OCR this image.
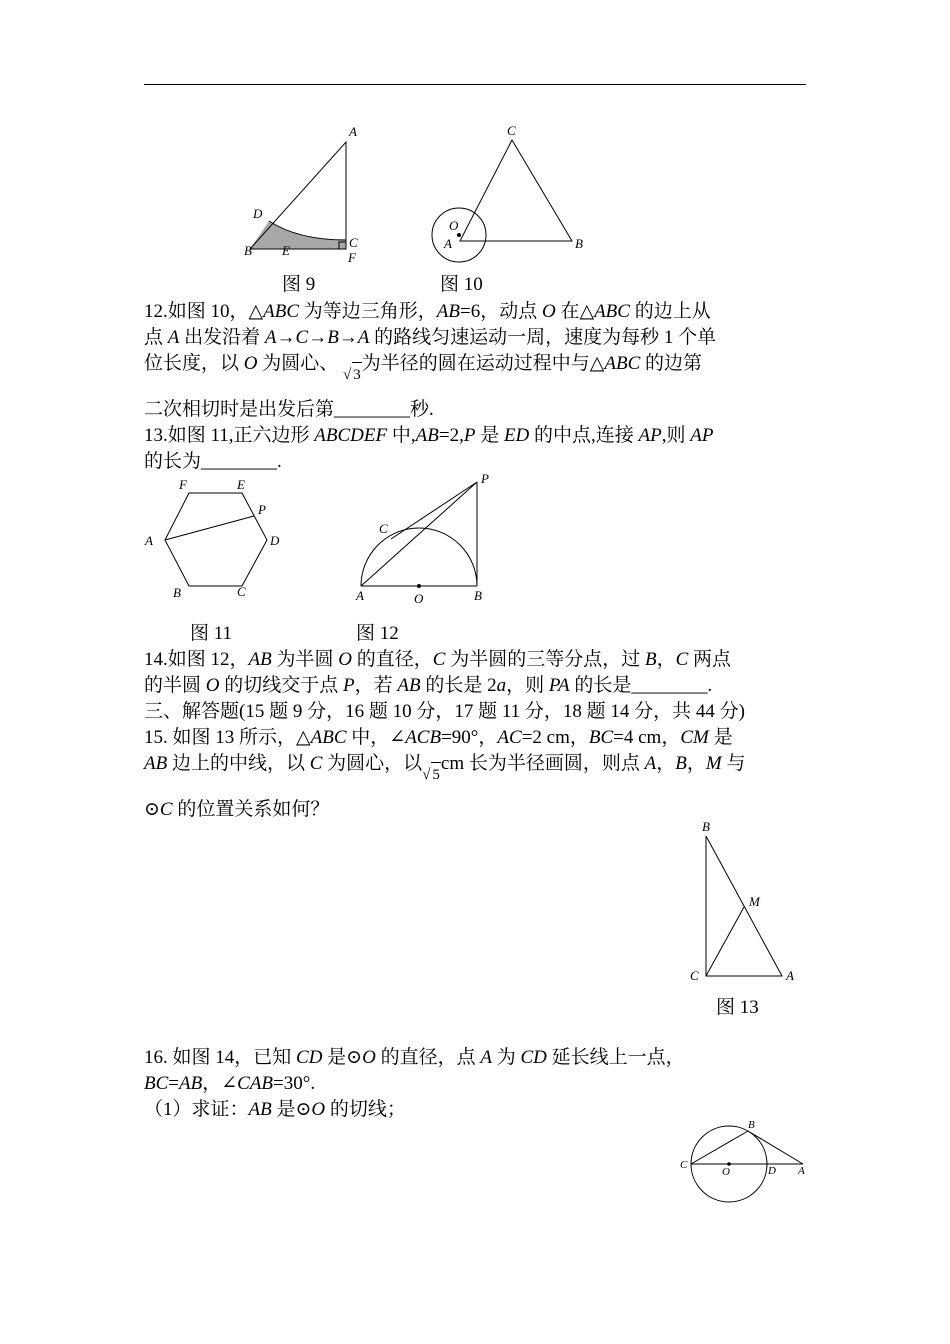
A
B
C
D
E	F
C
A	B
O
图 9	图 10
12.如图 10，△ABC 为等边三角形，AB=6，动点 O 在△ABC 的边上从
点 A 出发沿着 A→C→B→A 的路线匀速运动一周，速度为每秒 1 个单
位长度，以 O 为圆心、 √ 3为半径的圆在运动过程中与△ABC 的边第
二次相切时是出发后第________秒.
13.如图 11,正六边形 ABCDEF 中,AB=2,P 是 ED 的中点,连接 AP,则 AP
的长为________.
F	E
P
A	D
B	C
P
C
A	O	B
图 11	图 12
14.如图 12，AB 为半圆 O 的直径，C 为半圆的三等分点，过 B，C 两点
的半圆 O 的切线交于点 P，若 AB 的长是 2a，则 PA 的长是________.
三、解答题(15 题 9 分，16 题 10 分，17 题 11 分，18 题 14 分，共 44 分)
15. 如图 13 所示，△ABC 中，∠ACB=90°，AC=2 cm，BC=4 cm，CM 是
AB 边上的中线，以 C 为圆心，以√ 5cm 长为半径画圆，则点 A，B，M 与
⊙C 的位置关系如何？
B
M
C	A
图 13
16. 如图 14，已知 CD 是⊙O 的直径，点 A 为 CD 延长线上一点，
BC=AB，∠CAB=30°.
（1）求证：AB 是⊙O 的切线；
B
C
O	D A
